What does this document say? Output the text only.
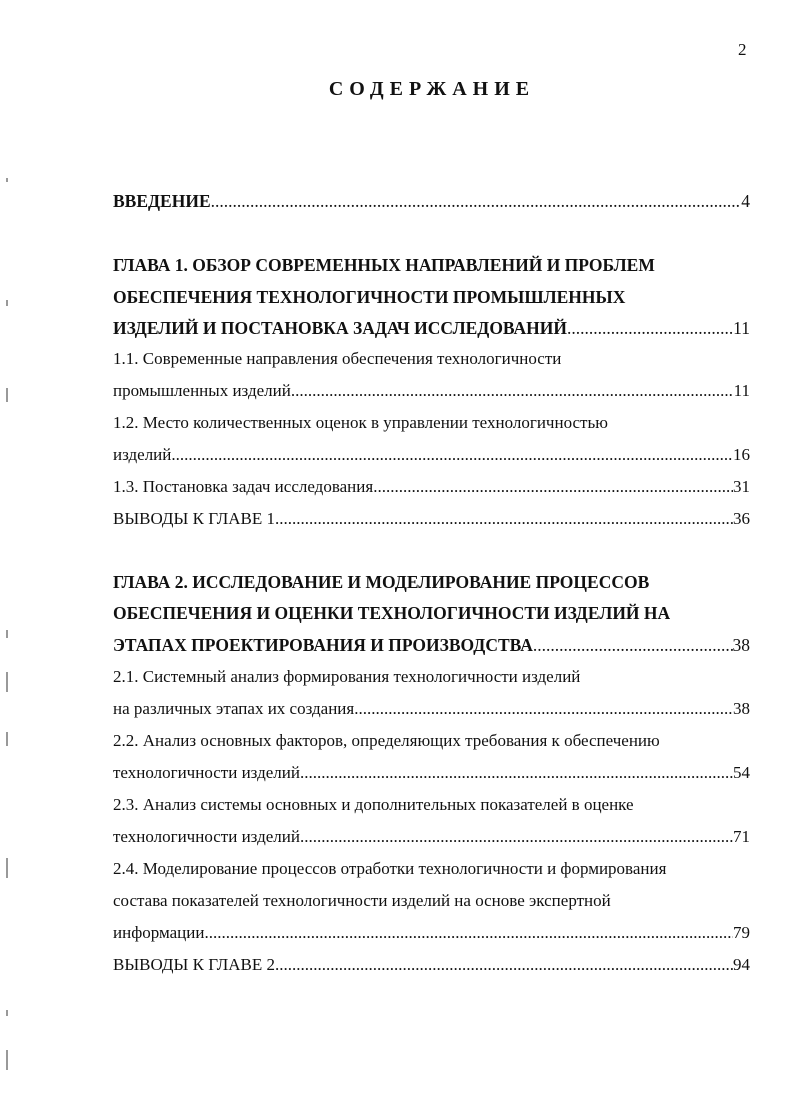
2
СОДЕРЖАНИЕ
ВВЕДЕНИЕ .....	4
ГЛАВА 1. ОБЗОР СОВРЕМЕННЫХ НАПРАВЛЕНИЙ И ПРОБЛЕМ
ОБЕСПЕЧЕНИЯ ТЕХНОЛОГИЧНОСТИ ПРОМЫШЛЕННЫХ
ИЗДЕЛИЙ И ПОСТАНОВКА ЗАДАЧ ИССЛЕДОВАНИЙ .....	11
1.1. Современные направления обеспечения технологичности
промышленных изделий .....	11
1.2. Место количественных оценок в управлении технологичностью
изделий .....	16
1.3. Постановка задач исследования .....	31
ВЫВОДЫ К ГЛАВЕ 1 .....	36
ГЛАВА 2. ИССЛЕДОВАНИЕ И МОДЕЛИРОВАНИЕ ПРОЦЕССОВ
ОБЕСПЕЧЕНИЯ И ОЦЕНКИ ТЕХНОЛОГИЧНОСТИ ИЗДЕЛИЙ НА
ЭТАПАХ ПРОЕКТИРОВАНИЯ И ПРОИЗВОДСТВА .....	38
2.1. Системный анализ формирования технологичности изделий
на различных этапах их создания .....	38
2.2. Анализ основных факторов, определяющих требования к обеспечению
технологичности изделий .....	54
2.3. Анализ системы основных и дополнительных показателей в оценке
технологичности изделий .....	71
2.4. Моделирование процессов отработки технологичности и формирования
состава показателей технологичности изделий на основе экспертной
информации .....	79
ВЫВОДЫ К ГЛАВЕ 2 .....	94
